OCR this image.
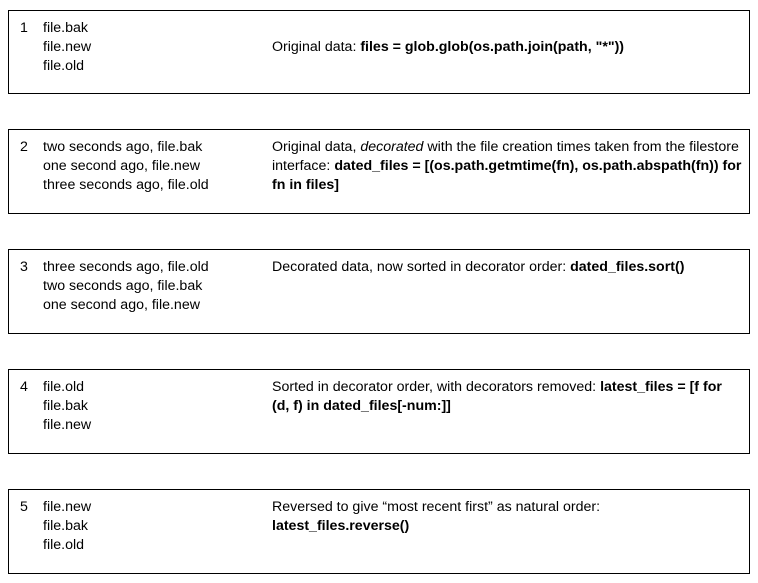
1 file.bak
file.new
file.old
Original data: files = glob.glob(os.path.join(path, "*"))
2 two seconds ago, file.bak
one second ago, file.new
three seconds ago, file.old
Original data, decorated with the file creation times taken from the filestore interface: dated_files = [(os.path.getmtime(fn), os.path.abspath(fn)) for fn in files]
3 three seconds ago, file.old
two seconds ago, file.bak
one second ago, file.new
Decorated data, now sorted in decorator order: dated_files.sort()
4 file.old
file.bak
file.new
Sorted in decorator order, with decorators removed: latest_files = [f for (d, f) in dated_files[-num:]]
5 file.new
file.bak
file.old
Reversed to give “most recent first” as natural order:
latest_files.reverse()
